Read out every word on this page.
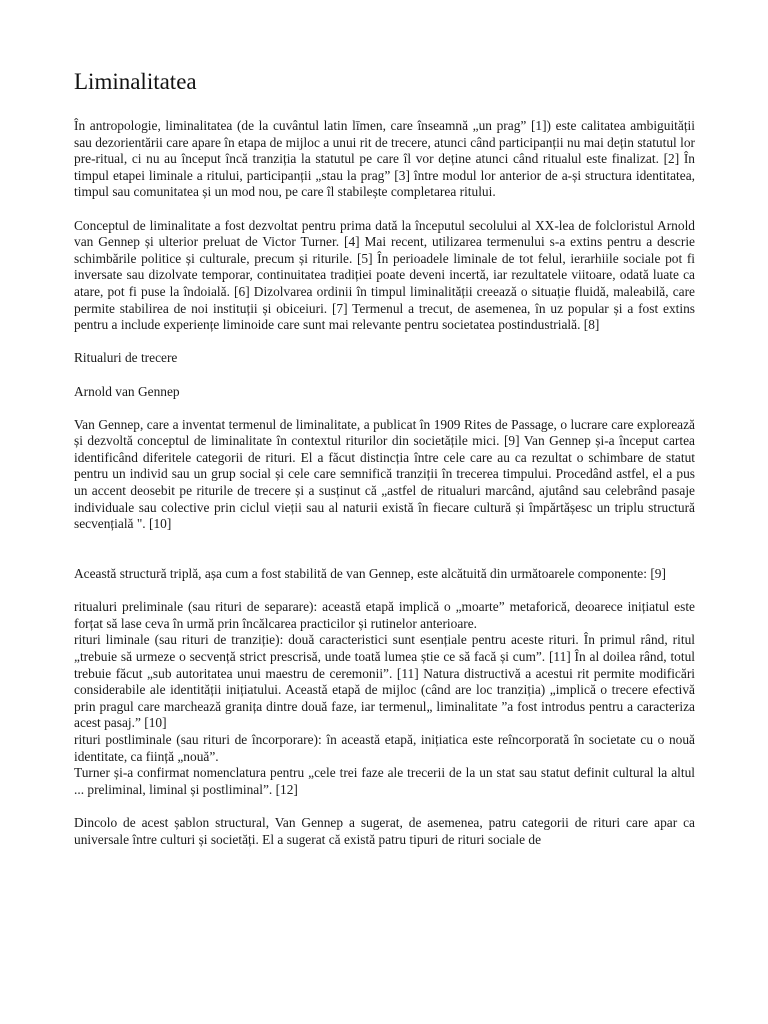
Liminalitatea

În antropologie, liminalitatea (de la cuvântul latin līmen, care înseamnă „un prag” [1]) este calitatea ambiguității sau dezorientării care apare în etapa de mijloc a unui rit de trecere, atunci când participanții nu mai dețin statutul lor pre-ritual, ci nu au început încă tranziția la statutul pe care îl vor deține atunci când ritualul este finalizat. [2] În timpul etapei liminale a ritului, participanții „stau la prag” [3] între modul lor anterior de a-și structura identitatea, timpul sau comunitatea și un mod nou, pe care îl stabilește completarea ritului.

Conceptul de liminalitate a fost dezvoltat pentru prima dată la începutul secolului al XX-lea de folcloristul Arnold van Gennep și ulterior preluat de Victor Turner. [4] Mai recent, utilizarea termenului s-a extins pentru a descrie schimbările politice și culturale, precum și riturile. [5] În perioadele liminale de tot felul, ierarhiile sociale pot fi inversate sau dizolvate temporar, continuitatea tradiției poate deveni incertă, iar rezultatele viitoare, odată luate ca atare, pot fi puse la îndoială. [6] Dizolvarea ordinii în timpul liminalității creează o situație fluidă, maleabilă, care permite stabilirea de noi instituții și obiceiuri. [7] Termenul a trecut, de asemenea, în uz popular și a fost extins pentru a include experiențe liminoide care sunt mai relevante pentru societatea postindustrială. [8]

Ritualuri de trecere

Arnold van Gennep

Van Gennep, care a inventat termenul de liminalitate, a publicat în 1909 Rites de Passage, o lucrare care explorează și dezvoltă conceptul de liminalitate în contextul riturilor din societățile mici. [9] Van Gennep și-a început cartea identificând diferitele categorii de rituri. El a făcut distincția între cele care au ca rezultat o schimbare de statut pentru un individ sau un grup social și cele care semnifică tranziții în trecerea timpului. Procedând astfel, el a pus un accent deosebit pe riturile de trecere și a susținut că „astfel de ritualuri marcând, ajutând sau celebrând pasaje individuale sau colective prin ciclul vieții sau al naturii există în fiecare cultură și împărtășesc un triplu structură secvențială ". [10]

Această structură triplă, așa cum a fost stabilită de van Gennep, este alcătuită din următoarele componente: [9]

ritualuri preliminale (sau rituri de separare): această etapă implică o „moarte” metaforică, deoarece inițiatul este forțat să lase ceva în urmă prin încălcarea practicilor și rutinelor anterioare.

rituri liminale (sau rituri de tranziție): două caracteristici sunt esențiale pentru aceste rituri. În primul rând, ritul „trebuie să urmeze o secvență strict prescrisă, unde toată lumea știe ce să facă și cum”. [11] În al doilea rând, totul trebuie făcut „sub autoritatea unui maestru de ceremonii”. [11] Natura distructivă a acestui rit permite modificări considerabile ale identității inițiatului. Această etapă de mijloc (când are loc tranziția) „implică o trecere efectivă prin pragul care marchează granița dintre două faze, iar termenul„ liminalitate ”a fost introdus pentru a caracteriza acest pasaj.” [10]

rituri postliminale (sau rituri de încorporare): în această etapă, inițiatica este reîncorporată în societate cu o nouă identitate, ca ființă „nouă”.

Turner și-a confirmat nomenclatura pentru „cele trei faze ale trecerii de la un stat sau statut definit cultural la altul ... preliminal, liminal și postliminal”. [12]

Dincolo de acest șablon structural, Van Gennep a sugerat, de asemenea, patru categorii de rituri care apar ca universale între culturi și societăți. El a sugerat că există patru tipuri de rituri sociale de
